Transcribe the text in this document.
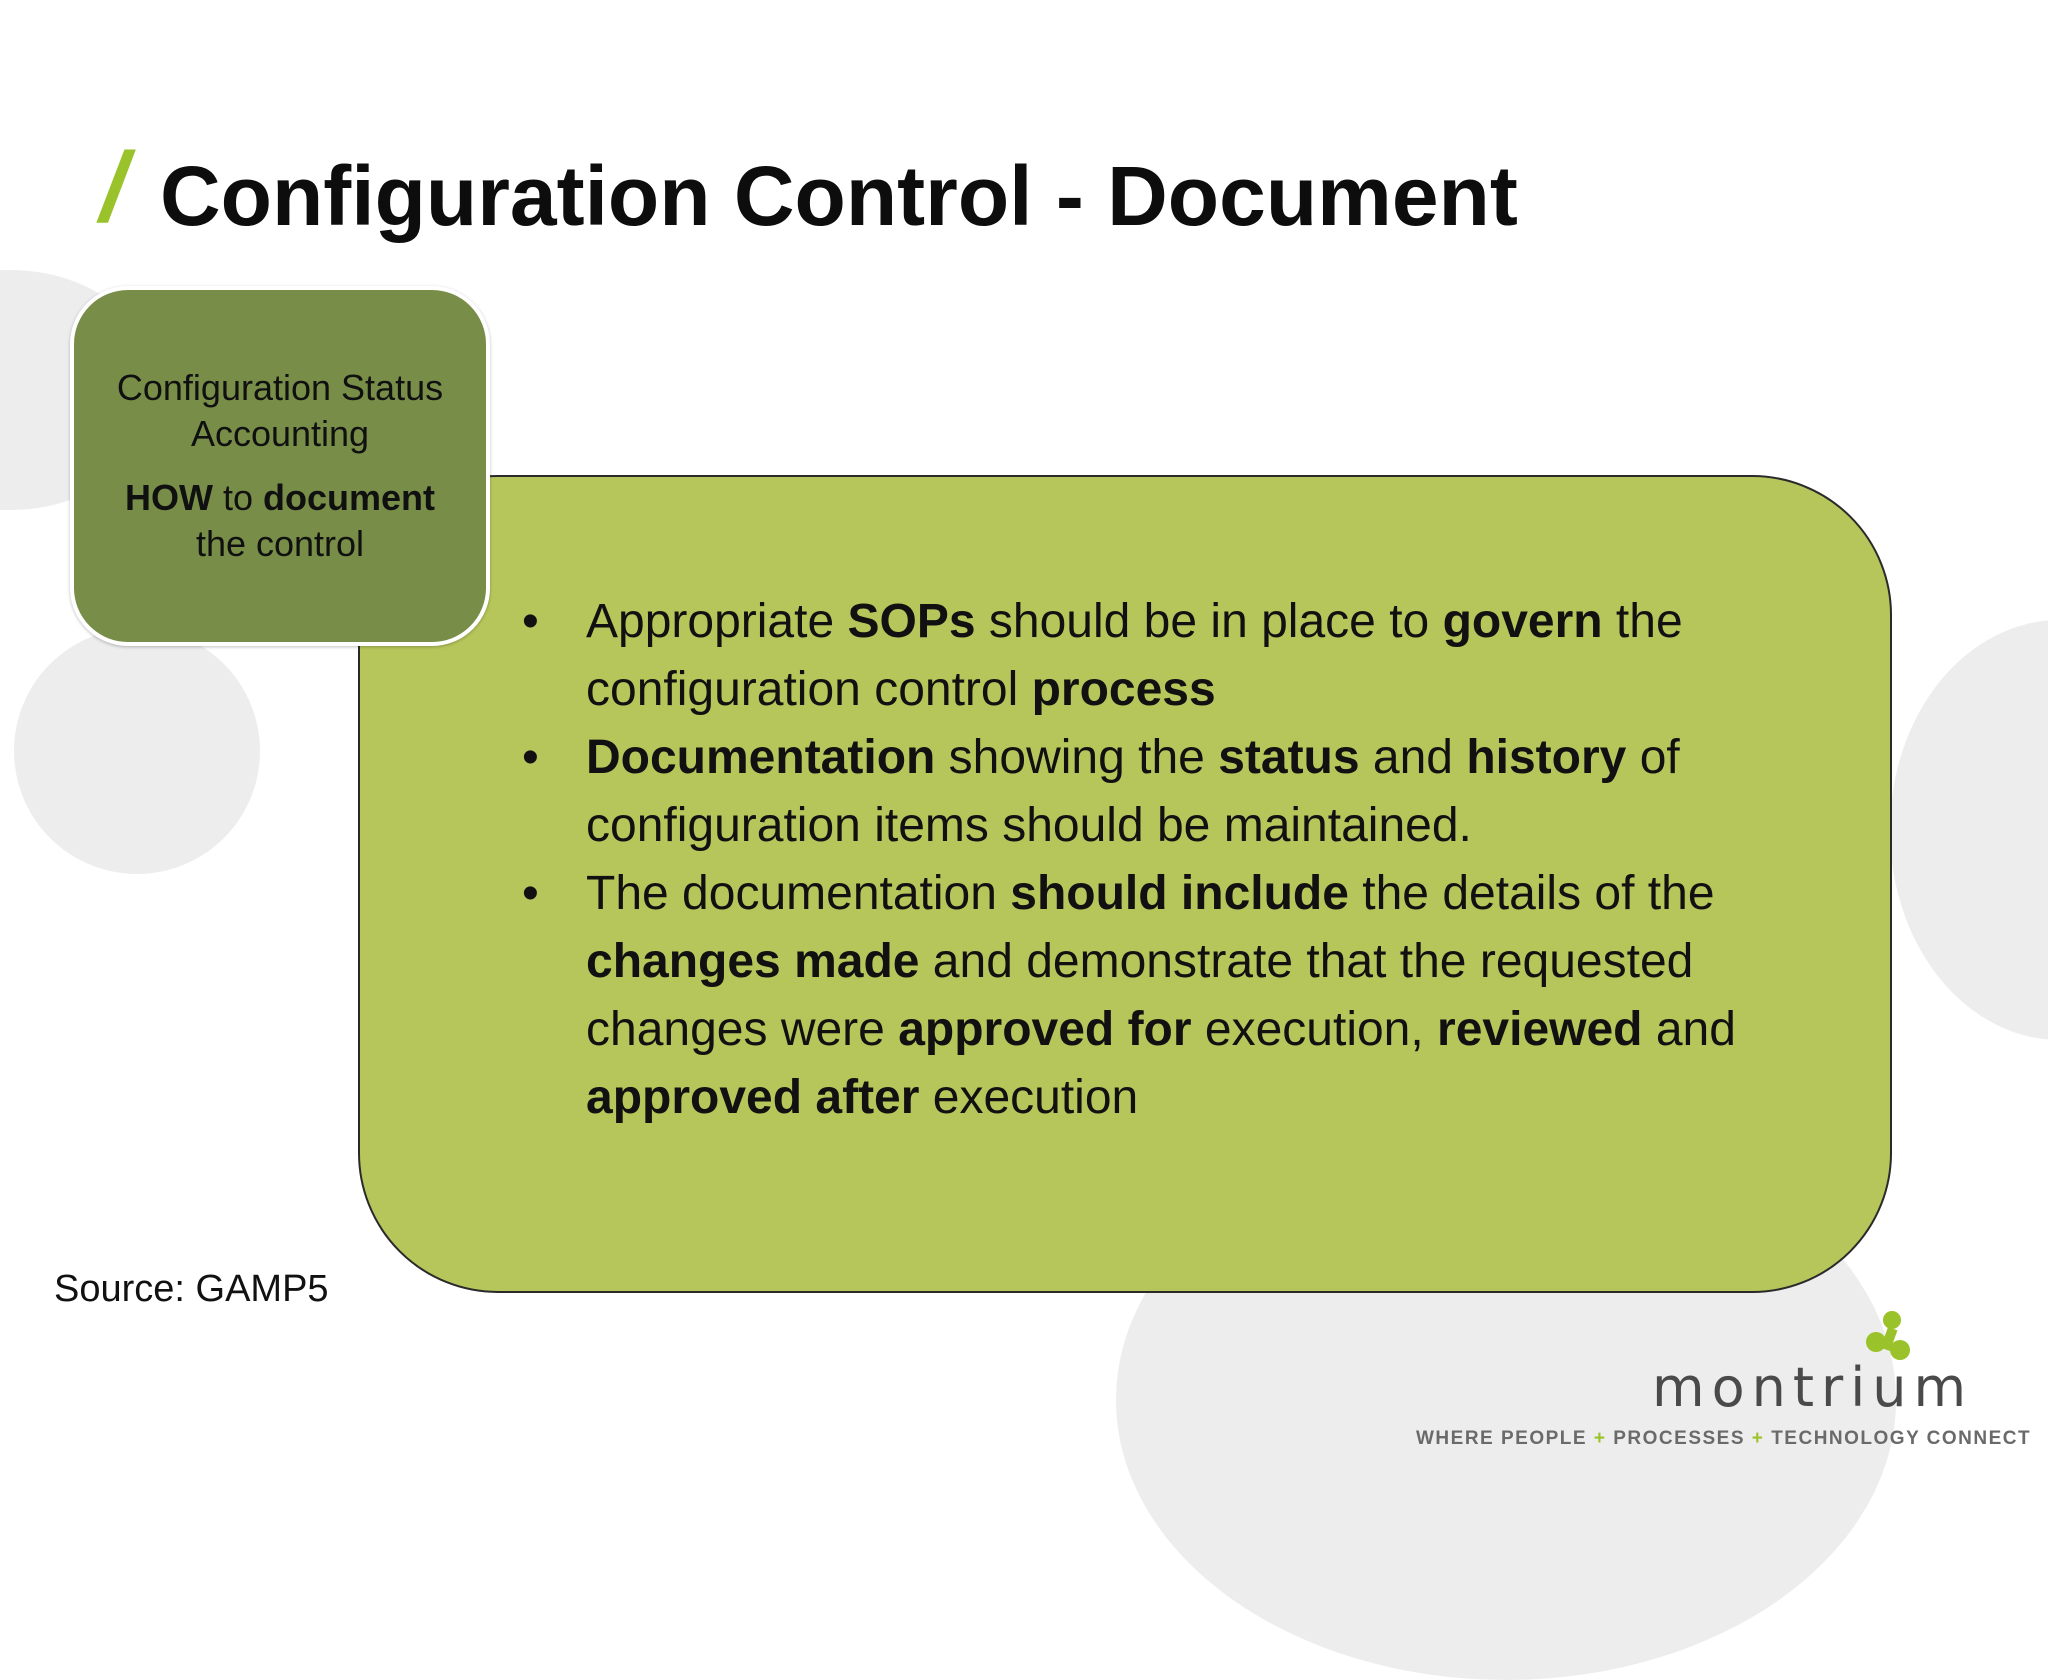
/ Configuration Control - Document
• Appropriate SOPs should be in place to govern the configuration control process
• Documentation showing the status and history of configuration items should be maintained.
• The documentation should include the details of the changes made and demonstrate that the requested changes were approved for execution, reviewed and approved after execution
Configuration Status
Accounting
HOW to document
the control
Source: GAMP5
montrium
WHERE PEOPLE + PROCESSES + TECHNOLOGY CONNECT
